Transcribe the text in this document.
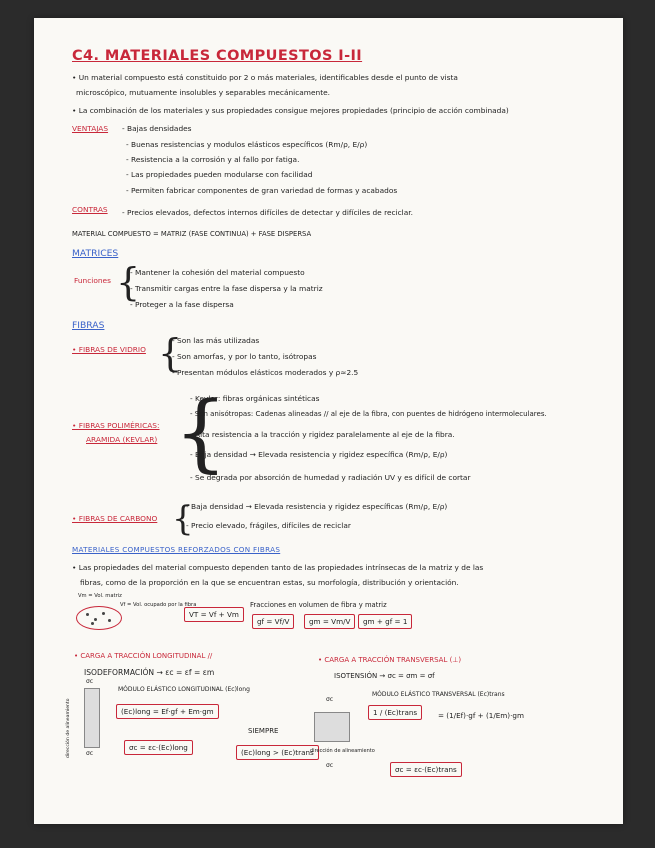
C4. MATERIALES COMPUESTOS I-II
• Un material compuesto está constituido por 2 o más materiales, identificables desde el punto de vista
microscópico, mutuamente insolubles y separables mecánicamente.
• La combinación de los materiales y sus propiedades consigue mejores propiedades (principio de acción combinada)
VENTAJAS - Bajas densidades
- Buenas resistencias y modulos elásticos específicos (Rm/ρ, E/ρ)
- Resistencia a la corrosión y al fallo por fatiga.
- Las propiedades pueden modularse con facilidad
- Permiten fabricar componentes de gran variedad de formas y acabados
CONTRAS - Precios elevados, defectos internos difíciles de detectar y difíciles de reciclar.
MATERIAL COMPUESTO = MATRIZ (FASE CONTINUA) + FASE DISPERSA
MATRICES
Funciones {
- Mantener la cohesión del material compuesto
- Transmitir cargas entre la fase dispersa y la matriz
- Proteger a la fase dispersa
FIBRAS
• FIBRAS DE VIDRIO {
- Son las más utilizadas
- Son amorfas, y por lo tanto, isótropas
- Presentan módulos elásticos moderados y ρ≈2.5
• FIBRAS POLIMÉRICAS:
ARAMIDA (KEVLAR) {
- Kevlar: fibras orgánicas sintéticas
- Son anisótropas: Cadenas alineadas // al eje de la fibra, con puentes de hidrógeno intermoleculares.
- Alta resistencia a la tracción y rigidez paralelamente al eje de la fibra.
- Baja densidad → Elevada resistencia y rigidez específica (Rm/ρ, E/ρ)
- Se degrada por absorción de humedad y radiación UV y es difícil de cortar
• FIBRAS DE CARBONO {
- Baja densidad → Elevada resistencia y rigidez específicas (Rm/ρ, E/ρ)
- Precio elevado, frágiles, difíciles de reciclar
MATERIALES COMPUESTOS REFORZADOS CON FIBRAS
• Las propiedades del material compuesto dependen tanto de las propiedades intrínsecas de la matriz y de las
fibras, como de la proporción en la que se encuentran estas, su morfología, distribución y orientación.
Vm = Vol. matriz
Vf = Vol. ocupado por la fibra
VT = Vf + Vm
Fracciones en volumen de fibra y matriz
gf = Vf/V	gm = Vm/V	gm + gf = 1
• CARGA A TRACCIÓN LONGITUDINAL //
ISODEFORMACIÓN → εc = εf = εm
MÓDULO ELÁSTICO LONGITUDINAL (Ec)long
(Ec)long = Ef·gf + Em·gm
σc = εc·(Ec)long
σc
σc
dirección de alineamiento	SIEMPRE
(Ec)long > (Ec)trans
• CARGA A TRACCIÓN TRANSVERSAL (⊥)
ISOTENSIÓN → σc = σm = σf
MÓDULO ELÁSTICO TRANSVERSAL (Ec)trans
1 / (Ec)trans	= (1/Ef)·gf + (1/Em)·gm
σc = εc·(Ec)trans
σc
dirección de alineamiento
σc
